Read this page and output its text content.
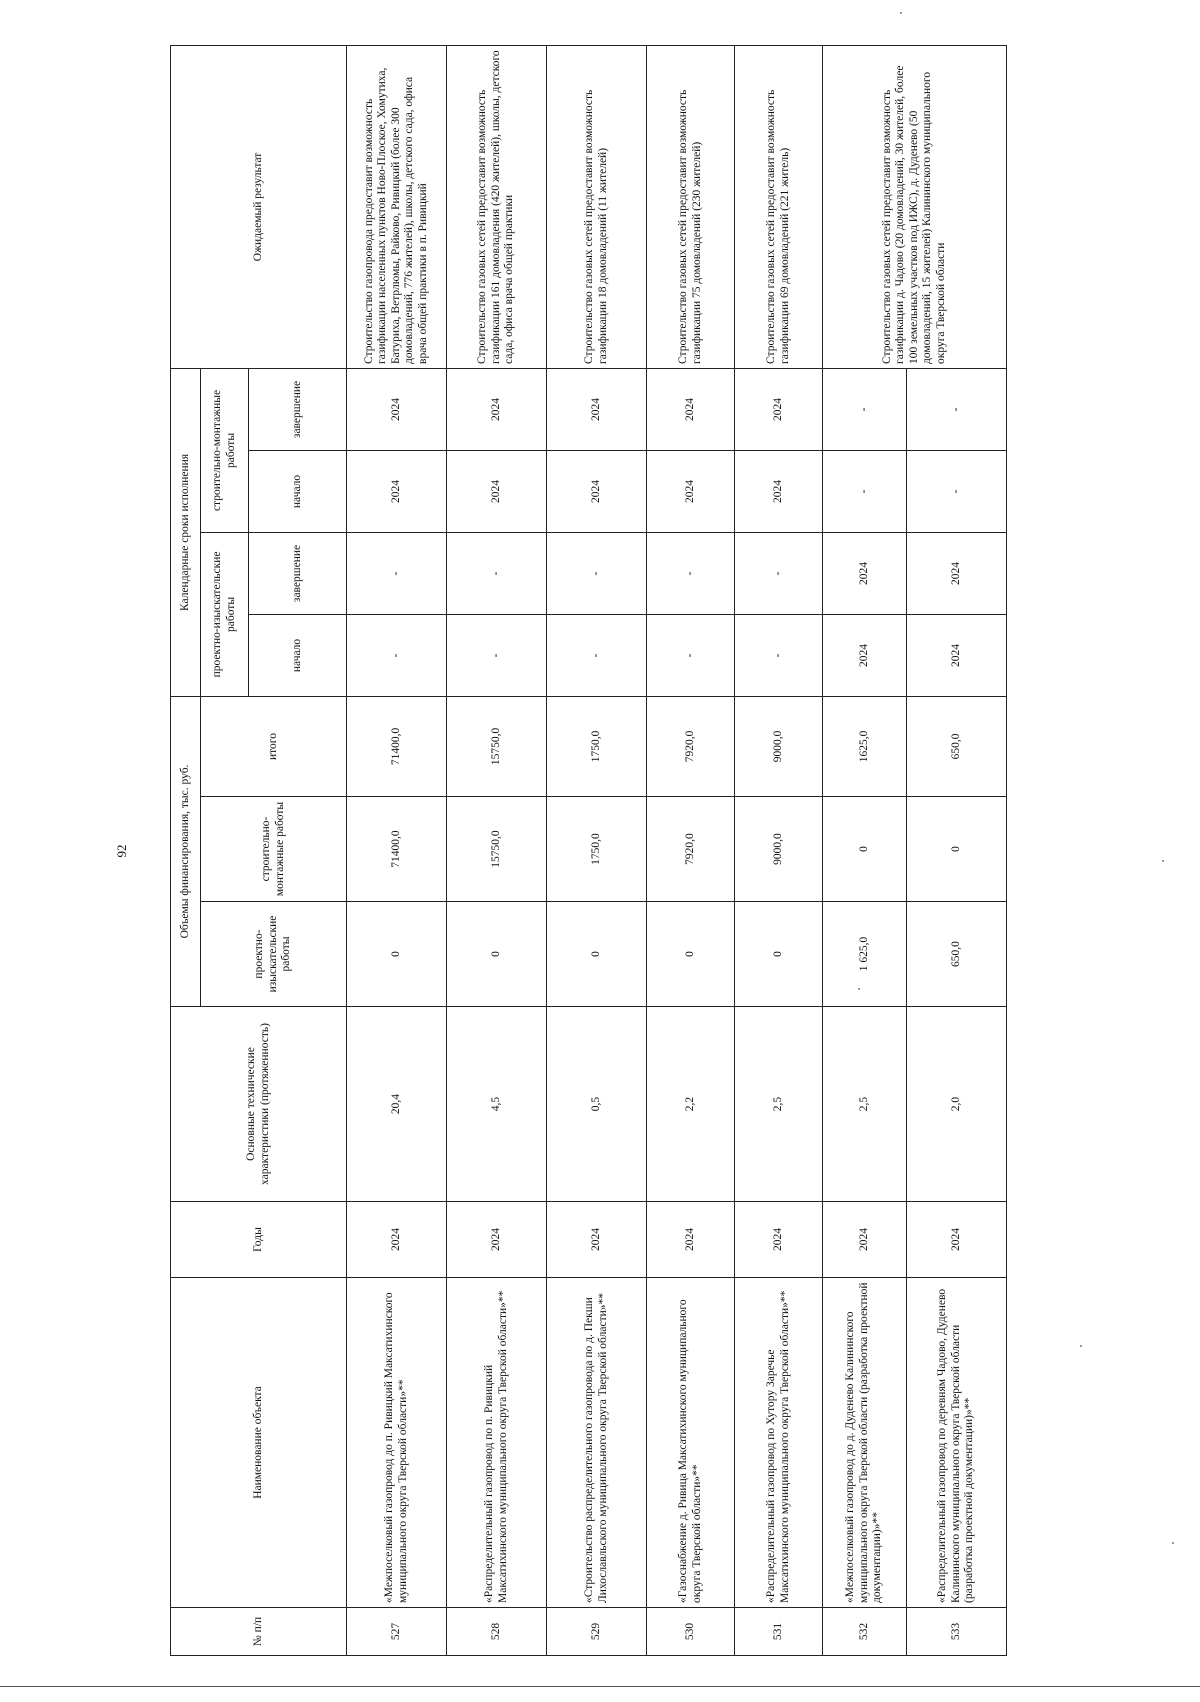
92
№ п/п	Наименование объекта	Годы	Основные технические характеристики (протяженность)	Объемы финансирования, тыс. руб.			Календарные сроки исполнения				Ожидаемый результат
				проектно-изыскательские работы	строительно-монтажные работы	итого	проектно-изыскательские работы		строительно-монтажные работы		
							начало	завершение	начало	завершение	
527	«Межпоселковый газопровод до п. Ривицкий Максатихинского муниципального округа Тверской области»**	2024	20,4	0	71400,0	71400,0	-	-	2024	2024	Строительство газопровода предоставит возможность газификации населенных пунктов Ново-Плоское, Хомутиха, Батуриха, Ветрлюмы, Райково, Ривицкий (более 300 домовладений, 776 жителей), школы, детского сада, офиса врача общей практики в п. Ривицкий
528	«Распределительный газопровод по п. Ривицкий Максатихинского муниципального округа Тверской области»**	2024	4,5	0	15750,0	15750,0	-	-	2024	2024	Строительство газовых сетей предоставит возможность газификации 161 домовладения (420 жителей), школы, детского сада, офиса врача общей практики
529	«Строительство распределительного газопровода по д. Пекши Лихославльского муниципального округа Тверской области»**	2024	0,5	0	1750,0	1750,0	-	-	2024	2024	Строительство газовых сетей предоставит возможность газификации 18 домовладений (11 жителей)
530	«Газоснабжение д. Ривица Максатихинского муниципального округа Тверской области»**	2024	2,2	0	7920,0	7920,0	-	-	2024	2024	Строительство газовых сетей предоставит возможность газификации 75 домовладений (230 жителей)
531	«Распределительный газопровод по Хутору Заречье Максатихинского муниципального округа Тверской области»**	2024	2,5	0	9000,0	9000,0	-	-	2024	2024	Строительство газовых сетей предоставит возможность газификации 69 домовладений (221 житель)
532	«Межпоселковый газопровод до д. Дуденево Калининского муниципального округа Тверской области (разработка проектной документации)»**	2024	2,5	1 625,0	0	1625,0	2024	2024	-	-	Строительство газовых сетей предоставит возможность газификации д. Чадово (20 домовладений, 30 жителей, более 100 земельных участков под ИЖС), д. Дуденево (50 домовладений, 15 жителей) Калининского муниципального округа Тверской области
533	«Распределительный газопровод по деревням Чадово, Дуденево Калининского муниципального округа Тверской области (разработка проектной документации)»**	2024	2,0	650,0	0	650,0	2024	2024	-	-	
